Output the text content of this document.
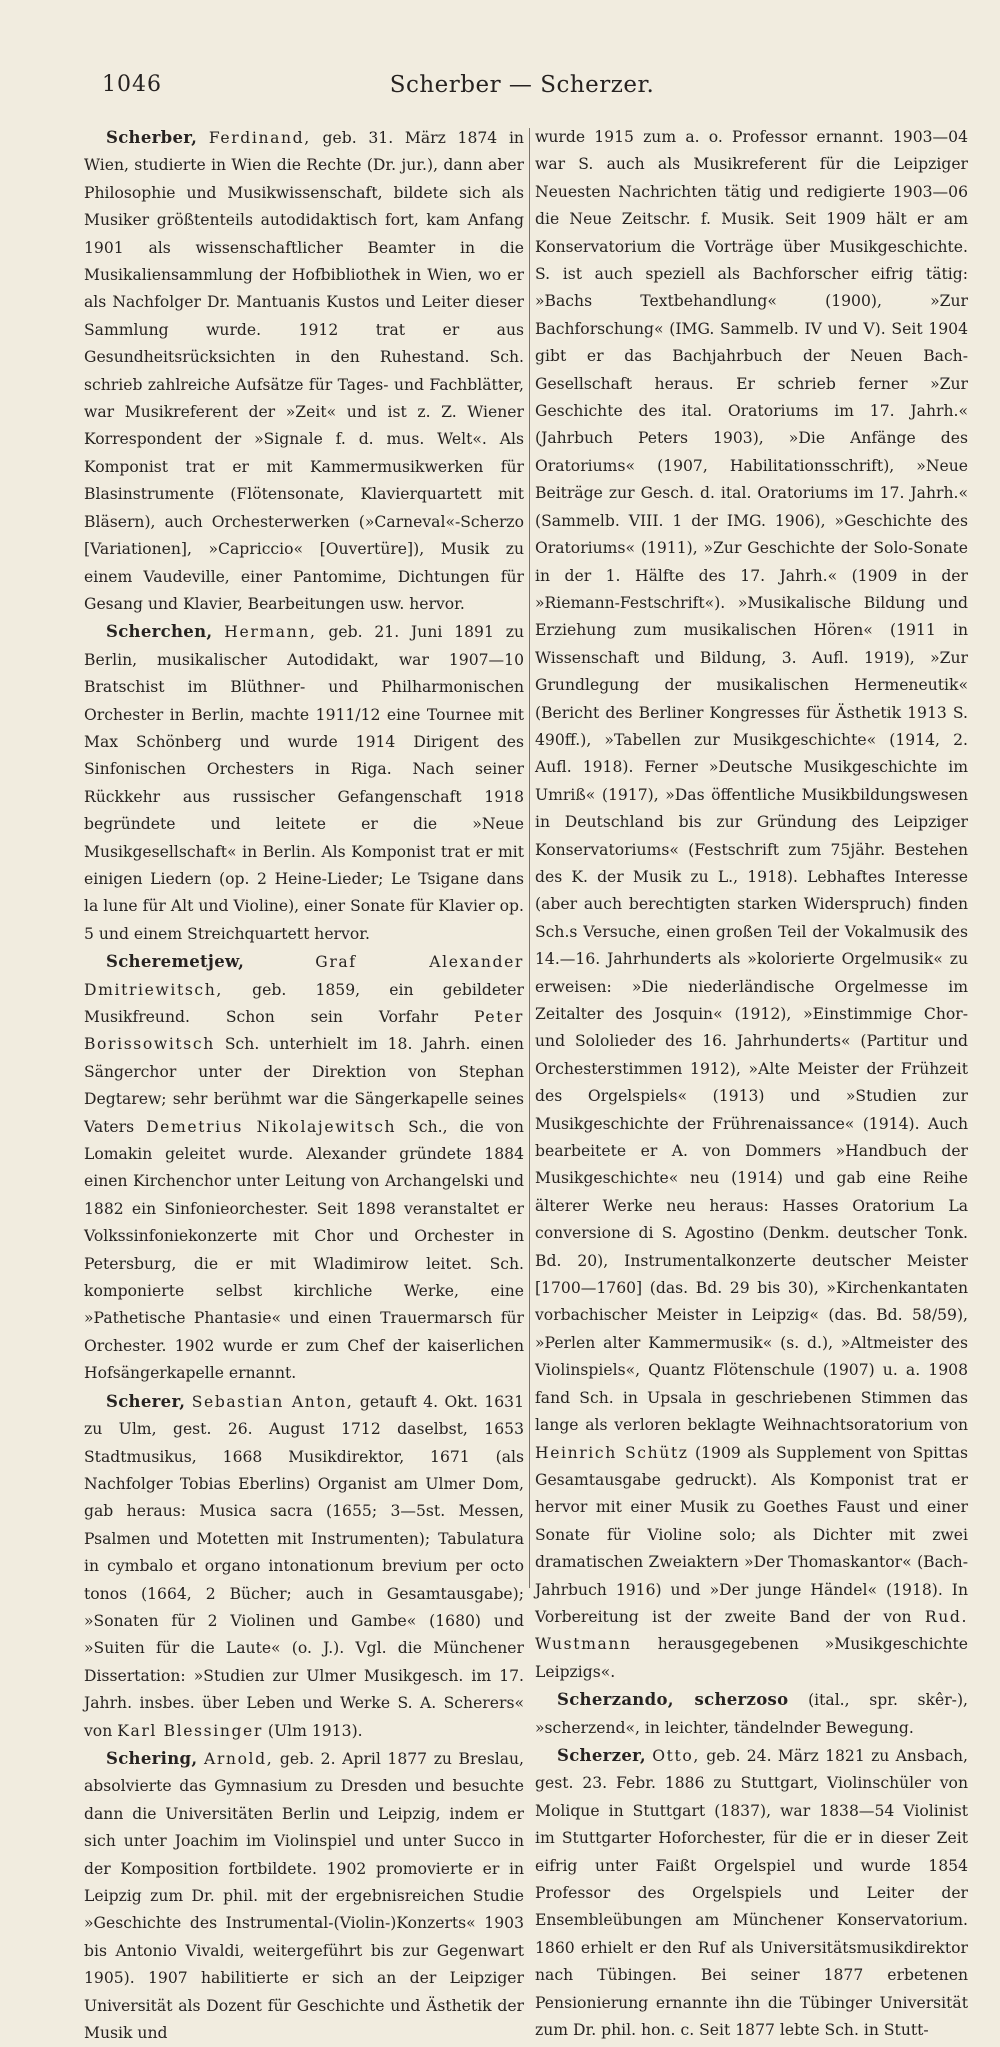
1046	Scherber — Scherzer.

Scherber, Ferdinand, geb. 31. März 1874 in Wien, studierte in Wien die Rechte (Dr. jur.), dann aber Philosophie und Musikwissenschaft, bildete sich als Musiker größtenteils autodidaktisch fort, kam Anfang 1901 als wissenschaftlicher Beamter in die Musikaliensammlung der Hofbibliothek in Wien, wo er als Nachfolger Dr. Mantuanis Kustos und Leiter dieser Sammlung wurde. 1912 trat er aus Gesundheitsrücksichten in den Ruhestand. Sch. schrieb zahlreiche Aufsätze für Tages- und Fachblätter, war Musikreferent der »Zeit« und ist z. Z. Wiener Korrespondent der »Signale f. d. mus. Welt«. Als Komponist trat er mit Kammermusikwerken für Blasinstrumente (Flötensonate, Klavierquartett mit Bläsern), auch Orchesterwerken (»Carneval«-Scherzo [Variationen], »Capriccio« [Ouvertüre]), Musik zu einem Vaudeville, einer Pantomime, Dichtungen für Gesang und Klavier, Bearbeitungen usw. hervor.

Scherchen, Hermann, geb. 21. Juni 1891 zu Berlin, musikalischer Autodidakt, war 1907—10 Bratschist im Blüthner- und Philharmonischen Orchester in Berlin, machte 1911/12 eine Tournee mit Max Schönberg und wurde 1914 Dirigent des Sinfonischen Orchesters in Riga. Nach seiner Rückkehr aus russischer Gefangenschaft 1918 begründete und leitete er die »Neue Musikgesellschaft« in Berlin. Als Komponist trat er mit einigen Liedern (op. 2 Heine-Lieder; Le Tsigane dans la lune für Alt und Violine), einer Sonate für Klavier op. 5 und einem Streichquartett hervor.

Scheremetjew,	Graf Alexander Dmitriewitsch, geb. 1859, ein gebildeter Musikfreund. Schon sein Vorfahr Peter Borissowitsch Sch. unterhielt im 18. Jahrh. einen Sängerchor unter der Direktion von Stephan Degtarew; sehr berühmt war die Sängerkapelle seines Vaters Demetrius Nikolajewitsch Sch., die von Lomakin geleitet wurde. Alexander gründete 1884 einen Kirchenchor unter Leitung von Archangelski und 1882 ein Sinfonieorchester. Seit 1898 veranstaltet er Volkssinfoniekonzerte mit Chor und Orchester in Petersburg, die er mit Wladimirow leitet. Sch. komponierte selbst kirchliche Werke, eine »Pathetische Phantasie« und einen Trauermarsch für Orchester. 1902 wurde er zum Chef der kaiserlichen Hofsängerkapelle ernannt.

Scherer, Sebastian Anton, getauft 4. Okt. 1631 zu Ulm, gest. 26. August 1712 daselbst, 1653 Stadtmusikus, 1668 Musikdirektor, 1671 (als Nachfolger Tobias Eberlins) Organist am Ulmer Dom, gab heraus: Musica sacra (1655; 3—5st. Messen, Psalmen und Motetten mit Instrumenten); Tabulatura in cymbalo et organo intonationum brevium per octo tonos (1664, 2 Bücher; auch in Gesamtausgabe); »Sonaten für 2 Violinen und Gambe« (1680) und »Suiten für die Laute« (o. J.). Vgl. die Münchener Dissertation: »Studien zur Ulmer Musikgesch. im 17. Jahrh. insbes. über Leben und Werke S. A. Scherers« von Karl Blessinger (Ulm 1913).

Schering, Arnold, geb. 2. April 1877 zu Breslau, absolvierte das Gymnasium zu Dresden und besuchte dann die Universitäten Berlin und Leipzig, indem er sich unter Joachim im Violinspiel und unter Succo in der Komposition fortbildete. 1902 promovierte er in Leipzig zum Dr. phil. mit der ergebnisreichen Studie »Geschichte des Instrumental-(Violin-)Konzerts« 1903 bis Antonio Vivaldi, weitergeführt bis zur Gegenwart 1905). 1907 habilitierte er sich an der Leipziger Universität als Dozent für Geschichte und Ästhetik der Musik und

wurde 1915 zum a. o. Professor ernannt. 1903—04 war S. auch als Musikreferent für die Leipziger Neuesten Nachrichten tätig und redigierte 1903—06 die Neue Zeitschr. f. Musik. Seit 1909 hält er am Konservatorium die Vorträge über Musikgeschichte. S. ist auch speziell als Bachforscher eifrig tätig: »Bachs Textbehandlung« (1900), »Zur Bachforschung« (IMG. Sammelb. IV und V). Seit 1904 gibt er das Bachjahrbuch der Neuen Bach-Gesellschaft heraus. Er schrieb ferner »Zur Geschichte des ital. Oratoriums im 17. Jahrh.« (Jahrbuch Peters 1903), »Die Anfänge des Oratoriums« (1907, Habilitationsschrift), »Neue Beiträge zur Gesch. d. ital. Oratoriums im 17. Jahrh.« (Sammelb. VIII. 1 der IMG. 1906), »Geschichte des Oratoriums« (1911), »Zur Geschichte der Solo-Sonate in der 1. Hälfte des 17. Jahrh.« (1909 in der »Riemann-Festschrift«). »Musikalische Bildung und Erziehung zum musikalischen Hören« (1911 in Wissenschaft und Bildung, 3. Aufl. 1919), »Zur Grundlegung der musikalischen Hermeneutik« (Bericht des Berliner Kongresses für Ästhetik 1913 S. 490ff.), »Tabellen zur Musikgeschichte« (1914, 2. Aufl. 1918). Ferner »Deutsche Musikgeschichte im Umriß« (1917), »Das öffentliche Musikbildungswesen in Deutschland bis zur Gründung des Leipziger Konservatoriums« (Festschrift zum 75jähr. Bestehen des K. der Musik zu L., 1918). Lebhaftes Interesse (aber auch berechtigten starken Widerspruch) finden Sch.s Versuche, einen großen Teil der Vokalmusik des 14.—16. Jahrhunderts als »kolorierte Orgelmusik« zu erweisen: »Die niederländische Orgelmesse im Zeitalter des Josquin« (1912), »Einstimmige Chor- und Sololieder des 16. Jahrhunderts« (Partitur und Orchesterstimmen 1912), »Alte Meister der Frühzeit des Orgelspiels« (1913) und »Studien zur Musikgeschichte der Frührenaissance« (1914). Auch bearbeitete er A. von Dommers »Handbuch der Musikgeschichte« neu (1914) und gab eine Reihe älterer Werke neu heraus: Hasses Oratorium La conversione di S. Agostino (Denkm. deutscher Tonk. Bd. 20), Instrumentalkonzerte deutscher Meister [1700—1760] (das. Bd. 29 bis 30), »Kirchenkantaten vorbachischer Meister in Leipzig« (das. Bd. 58/59), »Perlen alter Kammermusik« (s. d.), »Altmeister des Violinspiels«, Quantz Flötenschule (1907) u. a. 1908 fand Sch. in Upsala in geschriebenen Stimmen das lange als verloren beklagte Weihnachtsoratorium von Heinrich Schütz (1909 als Supplement von Spittas Gesamtausgabe gedruckt). Als Komponist trat er hervor mit einer Musik zu Goethes Faust und einer Sonate für Violine solo; als Dichter mit zwei dramatischen Zweiaktern »Der Thomaskantor« (Bach-Jahrbuch 1916) und »Der junge Händel« (1918). In Vorbereitung ist der zweite Band der von Rud. Wustmann herausgegebenen »Musikgeschichte Leipzigs«.

Scherzando, scherzoso (ital., spr. skêr-), »scherzend«, in leichter, tändelnder Bewegung.

Scherzer, Otto, geb. 24. März 1821 zu Ansbach, gest. 23. Febr. 1886 zu Stuttgart, Violinschüler von Molique in Stuttgart (1837), war 1838—54 Violinist im Stuttgarter Hoforchester, für die er in dieser Zeit eifrig unter Faißt Orgelspiel und wurde 1854 Professor des Orgelspiels und Leiter der Ensembleübungen am Münchener Konservatorium. 1860 erhielt er den Ruf als Universitätsmusikdirektor nach Tübingen. Bei seiner 1877 erbetenen Pensionierung ernannte ihn die Tübinger Universität zum Dr. phil. hon. c. Seit 1877 lebte Sch. in Stutt-
